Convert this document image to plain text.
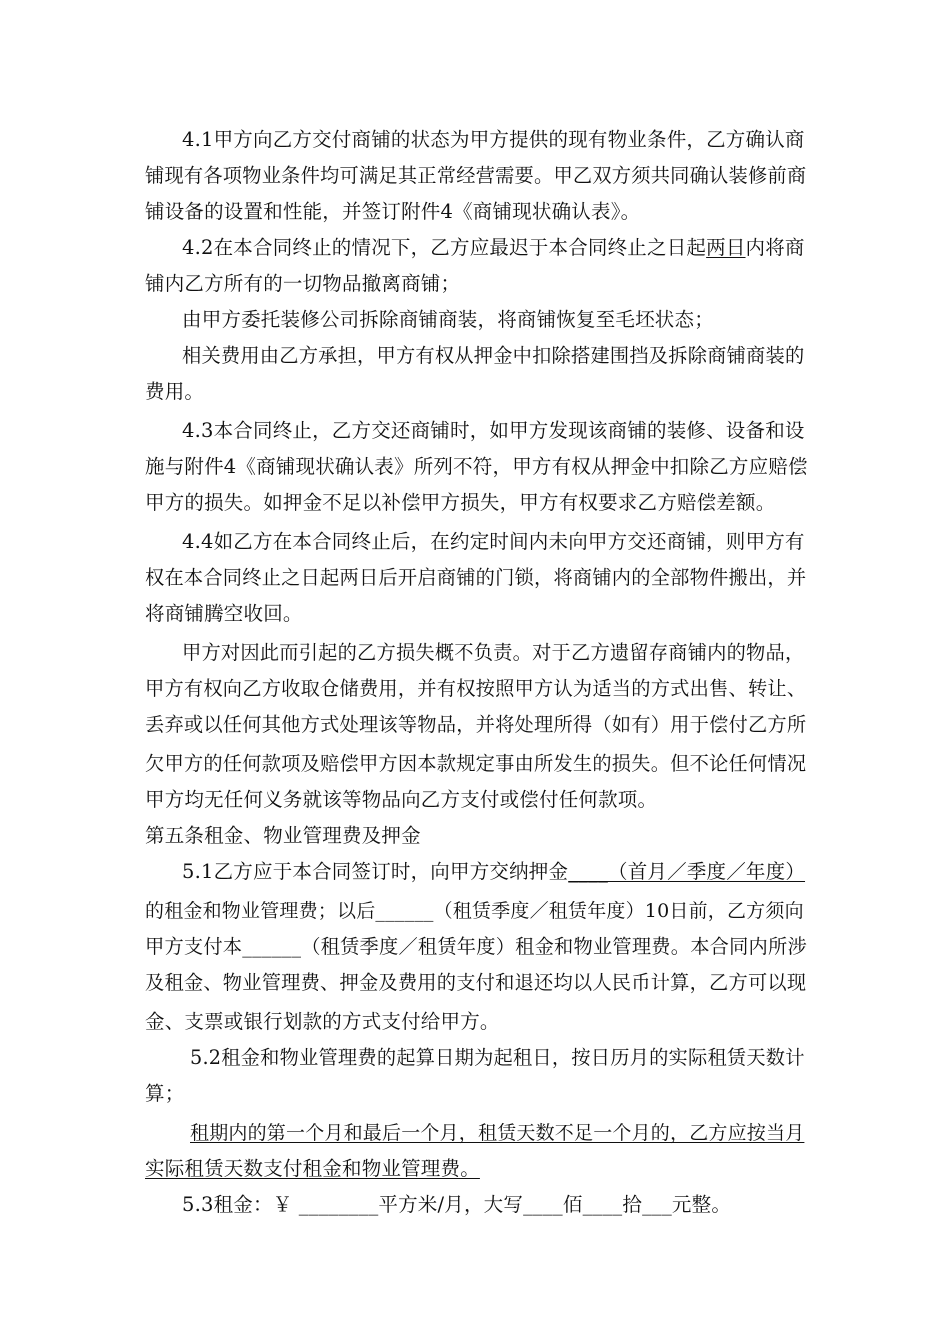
4.1甲方向乙方交付商铺的状态为甲方提供的现有物业条件，乙方确认商
铺现有各项物业条件均可满足其正常经营需要。甲乙双方须共同确认装修前商
铺设备的设置和性能，并签订附件4《商铺现状确认表》。
4.2在本合同终止的情况下，乙方应最迟于本合同终止之日起两日内将商
铺内乙方所有的一切物品撤离商铺；
由甲方委托装修公司拆除商铺商装，将商铺恢复至毛坯状态；
相关费用由乙方承担，甲方有权从押金中扣除搭建围挡及拆除商铺商装的
费用。
4.3本合同终止，乙方交还商铺时，如甲方发现该商铺的装修、设备和设
施与附件4《商铺现状确认表》所列不符，甲方有权从押金中扣除乙方应赔偿
甲方的损失。如押金不足以补偿甲方损失，甲方有权要求乙方赔偿差额。
4.4如乙方在本合同终止后，在约定时间内未向甲方交还商铺，则甲方有
权在本合同终止之日起两日后开启商铺的门锁，将商铺内的全部物件搬出，并
将商铺腾空收回。
甲方对因此而引起的乙方损失概不负责。对于乙方遗留存商铺内的物品，
甲方有权向乙方收取仓储费用，并有权按照甲方认为适当的方式出售、转让、
丢弃或以任何其他方式处理该等物品，并将处理所得（如有）用于偿付乙方所
欠甲方的任何款项及赔偿甲方因本款规定事由所发生的损失。但不论任何情况
甲方均无任何义务就该等物品向乙方支付或偿付任何款项。
第五条租金、物业管理费及押金
5.1乙方应于本合同签订时，向甲方交纳押金____（首月／季度／年度）
的租金和物业管理费；以后______（租赁季度／租赁年度）10日前，乙方须向
甲方支付本______（租赁季度／租赁年度）租金和物业管理费。本合同内所涉
及租金、物业管理费、押金及费用的支付和退还均以人民币计算，乙方可以现
金、支票或银行划款的方式支付给甲方。
5.2租金和物业管理费的起算日期为起租日，按日历月的实际租赁天数计
算；
租期内的第一个月和最后一个月，租赁天数不足一个月的，乙方应按当月
实际租赁天数支付租金和物业管理费。
5.3租金：￥ ________平方米/月，大写____佰____拾___元整。
